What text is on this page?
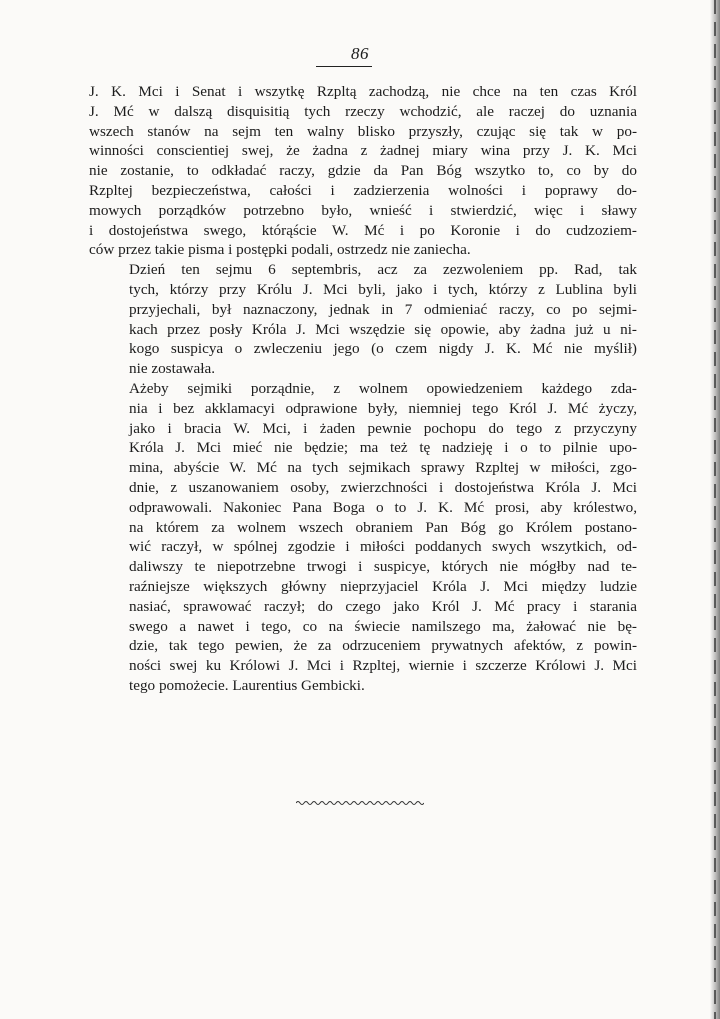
86

J. K. Mci i Senat i wszytkę Rzpltą zachodzą, nie chce na ten czas Król
J. Mć w dalszą disquisitią tych rzeczy wchodzić, ale raczej do uznania
wszech stanów na sejm ten walny blisko przyszły, czując się tak w po-
winności conscientiej swej, że żadna z żadnej miary wina przy J. K. Mci
nie zostanie, to odkładać raczy, gdzie da Pan Bóg wszytko to, co by do
Rzpltej bezpieczeństwa, całości i zadzierzenia wolności i poprawy do-
mowych porządków potrzebno było, wnieść i stwierdzić, więc i sławy
i dostojeństwa swego, którąście W. Mć i po Koronie i do cudzoziem-
ców przez takie pisma i postępki podali, ostrzedz nie zaniecha.

Dzień ten sejmu 6 septembris, acz za zezwoleniem pp. Rad, tak
tych, którzy przy Królu J. Mci byli, jako i tych, którzy z Lublina byli
przyjechali, był naznaczony, jednak in 7 odmieniać raczy, co po sejmi-
kach przez posły Króla J. Mci wszędzie się opowie, aby żadna już u ni-
kogo suspicya o zwleczeniu jego (o czem nigdy J. K. Mć nie myślił)
nie zostawała.

Ażeby sejmiki porządnie, z wolnem opowiedzeniem każdego zda-
nia i bez akklamacyi odprawione były, niemniej tego Król J. Mć życzy,
jako i bracia W. Mci, i żaden pewnie pochopu do tego z przyczyny
Króla J. Mci mieć nie będzie; ma też tę nadzieję i o to pilnie upo-
mina, abyście W. Mć na tych sejmikach sprawy Rzpltej w miłości, zgo-
dnie, z uszanowaniem osoby, zwierzchności i dostojeństwa Króla J. Mci
odprawowali. Nakoniec Pana Boga o to J. K. Mć prosi, aby królestwo,
na którem za wolnem wszech obraniem Pan Bóg go Królem postano-
wić raczył, w spólnej zgodzie i miłości poddanych swych wszytkich, od-
daliwszy te niepotrzebne trwogi i suspicye, których nie mógłby nad te-
raźniejsze większych główny nieprzyjaciel Króla J. Mci między ludzie
nasiać, sprawować raczył; do czego jako Król J. Mć pracy i starania
swego a nawet i tego, co na świecie namilszego ma, żałować nie bę-
dzie, tak tego pewien, że za odrzuceniem prywatnych afektów, z powin-
ności swej ku Królowi J. Mci i Rzpltej, wiernie i szczerze Królowi J. Mci
tego pomożecie. Laurentius Gembicki.
